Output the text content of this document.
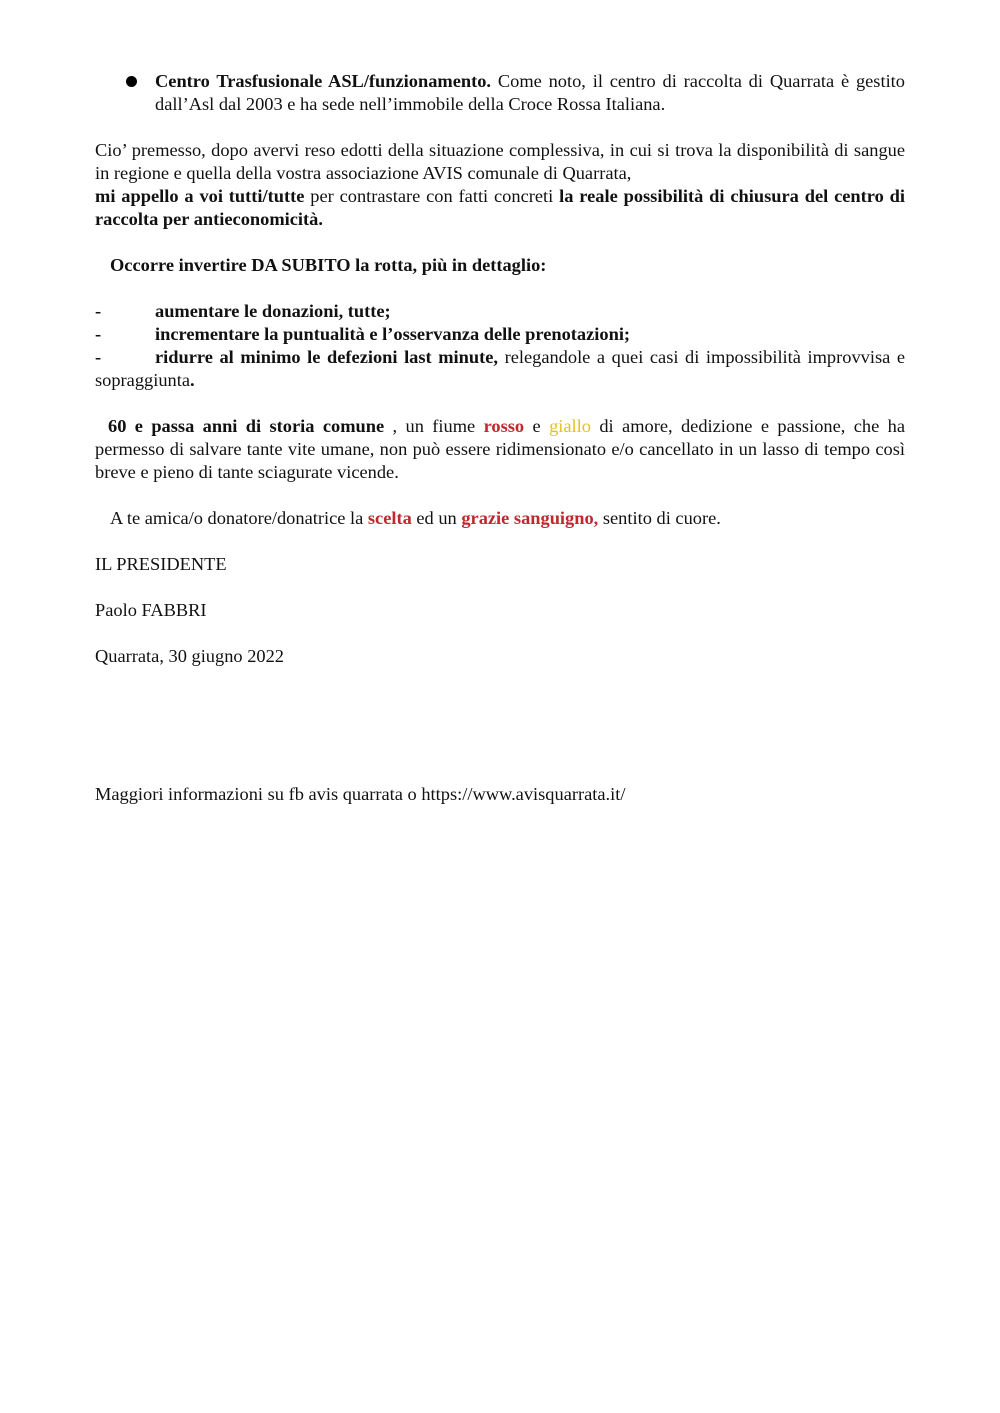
Centro Trasfusionale ASL/funzionamento. Come noto, il centro di raccolta di Quarrata è gestito dall’Asl dal 2003 e ha sede nell’immobile della Croce Rossa Italiana.
Cio’ premesso, dopo avervi reso edotti della situazione complessiva, in cui si trova la disponibilità di sangue in regione e quella della vostra associazione AVIS comunale di Quarrata,
mi appello a voi tutti/tutte per contrastare con fatti concreti la reale possibilità di chiusura del centro di raccolta per antieconomicità.
Occorre invertire DA SUBITO la rotta, più in dettaglio:
-	aumentare le donazioni, tutte;
-	incrementare la puntualità e l’osservanza delle prenotazioni;
-	ridurre al minimo le defezioni last minute, relegandole a quei casi di impossibilità improvvisa e sopraggiunta.
60 e passa anni di storia comune , un fiume rosso e giallo di amore, dedizione e passione, che ha permesso di salvare tante vite umane, non può essere ridimensionato e/o cancellato in un lasso di tempo così breve e pieno di tante sciagurate vicende.
A te amica/o donatore/donatrice la scelta ed un grazie sanguigno, sentito di cuore.
IL PRESIDENTE
Paolo FABBRI
Quarrata, 30 giugno 2022
Maggiori informazioni su fb avis quarrata o https://www.avisquarrata.it/
